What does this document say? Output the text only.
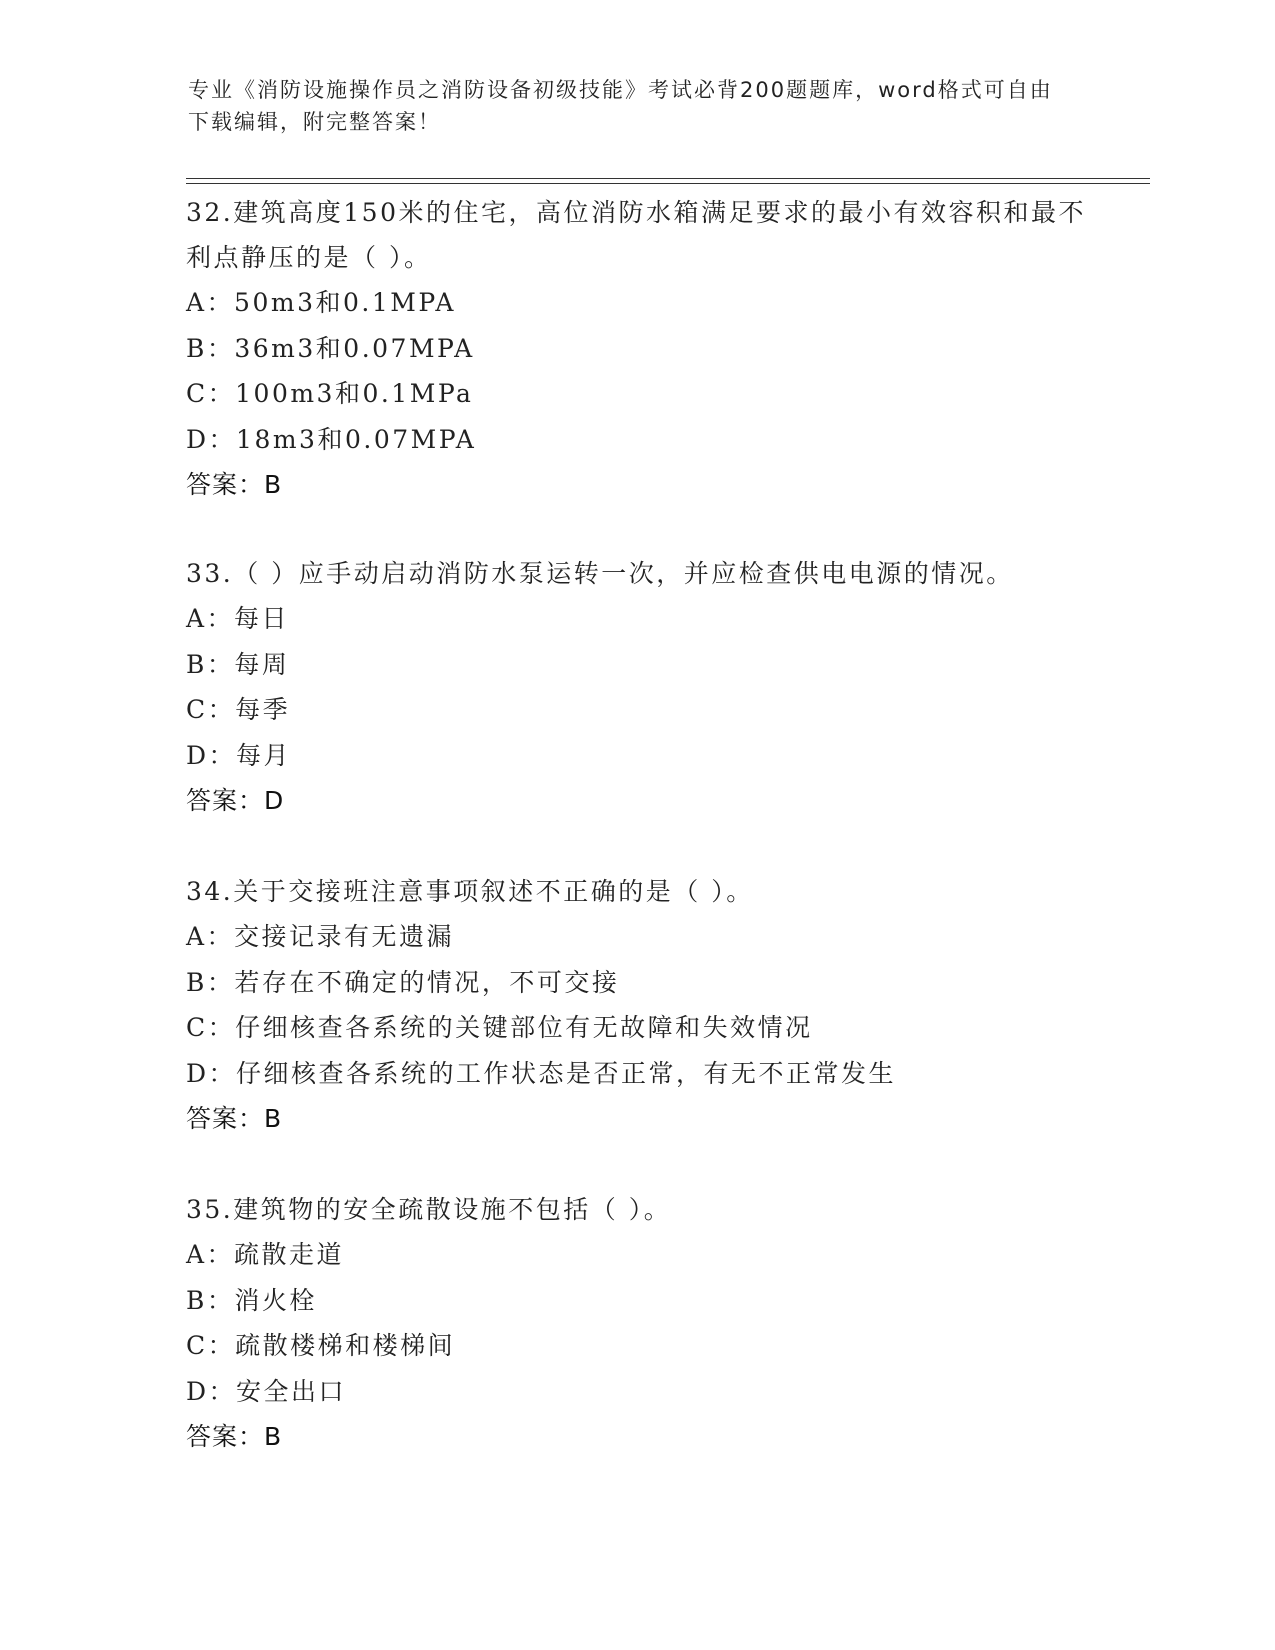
专业《消防设施操作员之消防设备初级技能》考试必背200题题库，word格式可自由下载编辑，附完整答案！

32.建筑高度150米的住宅，高位消防水箱满足要求的最小有效容积和最不利点静压的是（ ）。

A：50m3和0.1MPA

B：36m3和0.07MPA

C：100m3和0.1MPa

D：18m3和0.07MPA

答案：B

33.（ ）应手动启动消防水泵运转一次，并应检查供电电源的情况。

A：每日

B：每周

C：每季

D：每月

答案：D

34.关于交接班注意事项叙述不正确的是（ ）。

A：交接记录有无遗漏

B：若存在不确定的情况，不可交接

C：仔细核查各系统的关键部位有无故障和失效情况

D：仔细核查各系统的工作状态是否正常，有无不正常发生

答案：B

35.建筑物的安全疏散设施不包括（ ）。

A：疏散走道

B：消火栓

C：疏散楼梯和楼梯间

D：安全出口

答案：B
